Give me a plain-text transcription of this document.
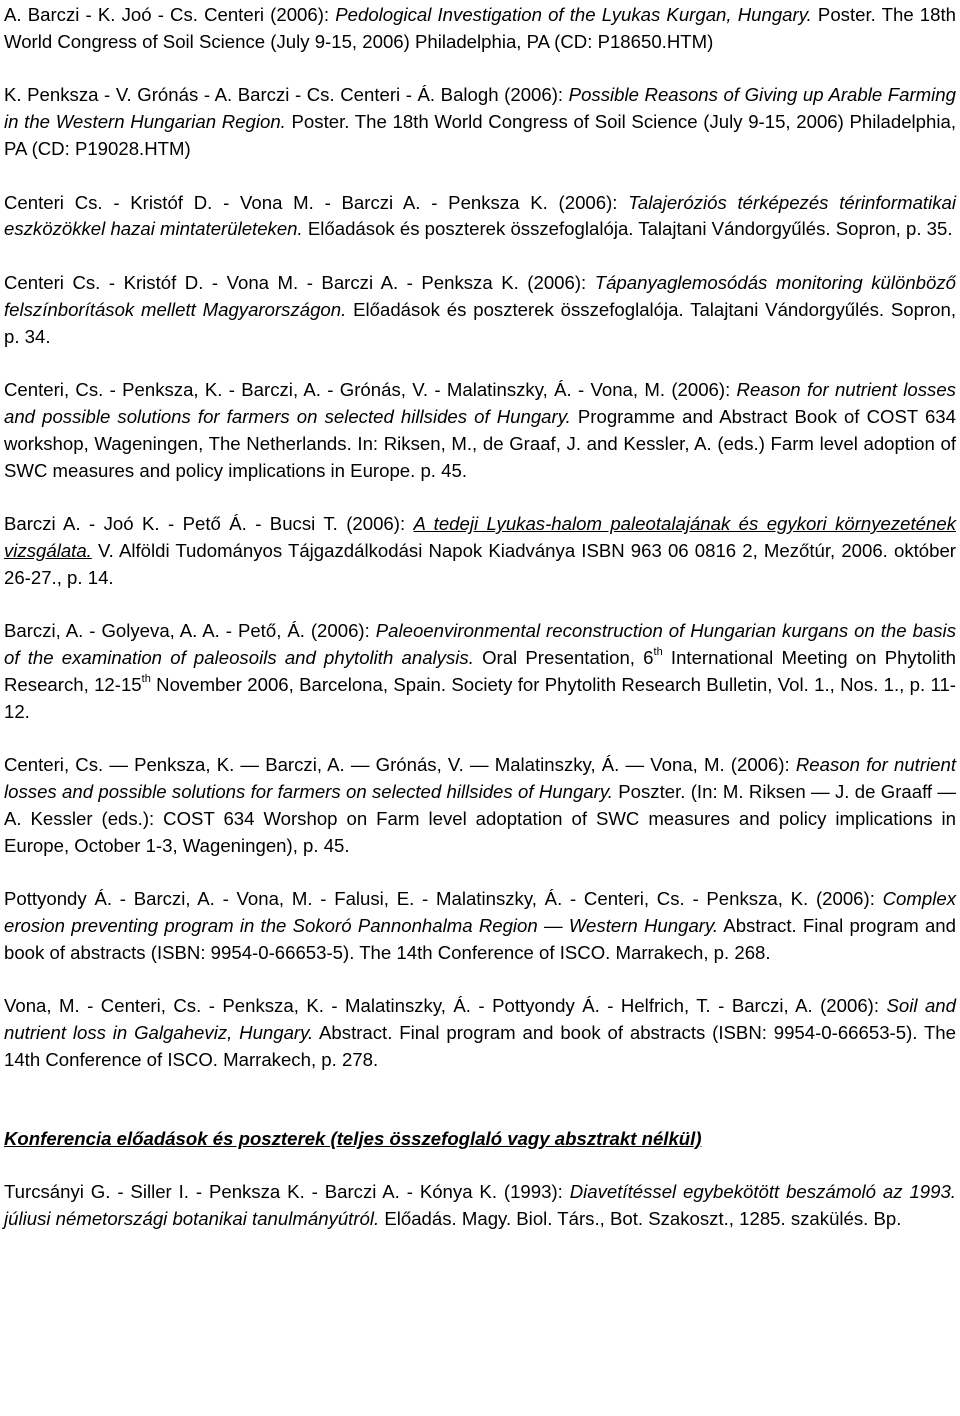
A. Barczi - K. Joó - Cs. Centeri (2006): Pedological Investigation of the Lyukas Kurgan, Hungary. Poster. The 18th World Congress of Soil Science (July 9-15, 2006) Philadelphia, PA (CD: P18650.HTM)

K. Penksza - V. Grónás - A. Barczi - Cs. Centeri - Á. Balogh (2006): Possible Reasons of Giving up Arable Farming in the Western Hungarian Region. Poster. The 18th World Congress of Soil Science (July 9-15, 2006) Philadelphia, PA (CD: P19028.HTM)

Centeri Cs. - Kristóf D. - Vona M. - Barczi A. - Penksza K. (2006): Talajeróziós térképezés térinformatikai eszközökkel hazai mintaterületeken. Előadások és poszterek összefoglalója. Talajtani Vándorgyűlés. Sopron, p. 35.

Centeri Cs. - Kristóf D. - Vona M. - Barczi A. - Penksza K. (2006): Tápanyaglemosódás monitoring különböző felszínborítások mellett Magyarországon. Előadások és poszterek összefoglalója. Talajtani Vándorgyűlés. Sopron, p. 34.

Centeri, Cs. - Penksza, K. - Barczi, A. - Grónás, V. - Malatinszky, Á. - Vona, M. (2006): Reason for nutrient losses and possible solutions for farmers on selected hillsides of Hungary. Programme and Abstract Book of COST 634 workshop, Wageningen, The Netherlands. In: Riksen, M., de Graaf, J. and Kessler, A. (eds.) Farm level adoption of SWC measures and policy implications in Europe. p. 45.

Barczi A. - Joó K. - Pető Á. - Bucsi T. (2006): A tedeji Lyukas-halom paleotalajának és egykori környezetének vizsgálata. V. Alföldi Tudományos Tájgazdálkodási Napok Kiadványa ISBN 963 06 0816 2, Mezőtúr, 2006. október 26-27., p. 14.

Barczi, A. - Golyeva, A. A. - Pető, Á. (2006): Paleoenvironmental reconstruction of Hungarian kurgans on the basis of the examination of paleosoils and phytolith analysis. Oral Presentation, 6th International Meeting on Phytolith Research, 12-15th November 2006, Barcelona, Spain. Society for Phytolith Research Bulletin, Vol. 1., Nos. 1., p. 11-12.

Centeri, Cs. — Penksza, K. — Barczi, A. — Grónás, V. — Malatinszky, Á. — Vona, M. (2006): Reason for nutrient losses and possible solutions for farmers on selected hillsides of Hungary. Poszter. (In: M. Riksen — J. de Graaff — A. Kessler (eds.): COST 634 Worshop on Farm level adoptation of SWC measures and policy implications in Europe, October 1-3, Wageningen), p. 45.

Pottyondy Á. - Barczi, A. - Vona, M. - Falusi, E. - Malatinszky, Á. - Centeri, Cs. - Penksza, K. (2006): Complex erosion preventing program in the Sokoró Pannonhalma Region — Western Hungary. Abstract. Final program and book of abstracts (ISBN: 9954-0-66653-5). The 14th Conference of ISCO. Marrakech, p. 268.

Vona, M. - Centeri, Cs. - Penksza, K. - Malatinszky, Á. - Pottyondy Á. - Helfrich, T. - Barczi, A. (2006): Soil and nutrient loss in Galgaheviz, Hungary. Abstract. Final program and book of abstracts (ISBN: 9954-0-66653-5). The 14th Conference of ISCO. Marrakech, p. 278.

Konferencia előadások és poszterek (teljes összefoglaló vagy absztrakt nélkül)

Turcsányi G. - Siller I. - Penksza K. - Barczi A. - Kónya K. (1993): Diavetítéssel egybekötött beszámoló az 1993. júliusi németországi botanikai tanulmányútról. Előadás. Magy. Biol. Társ., Bot. Szakoszt., 1285. szakülés. Bp.
